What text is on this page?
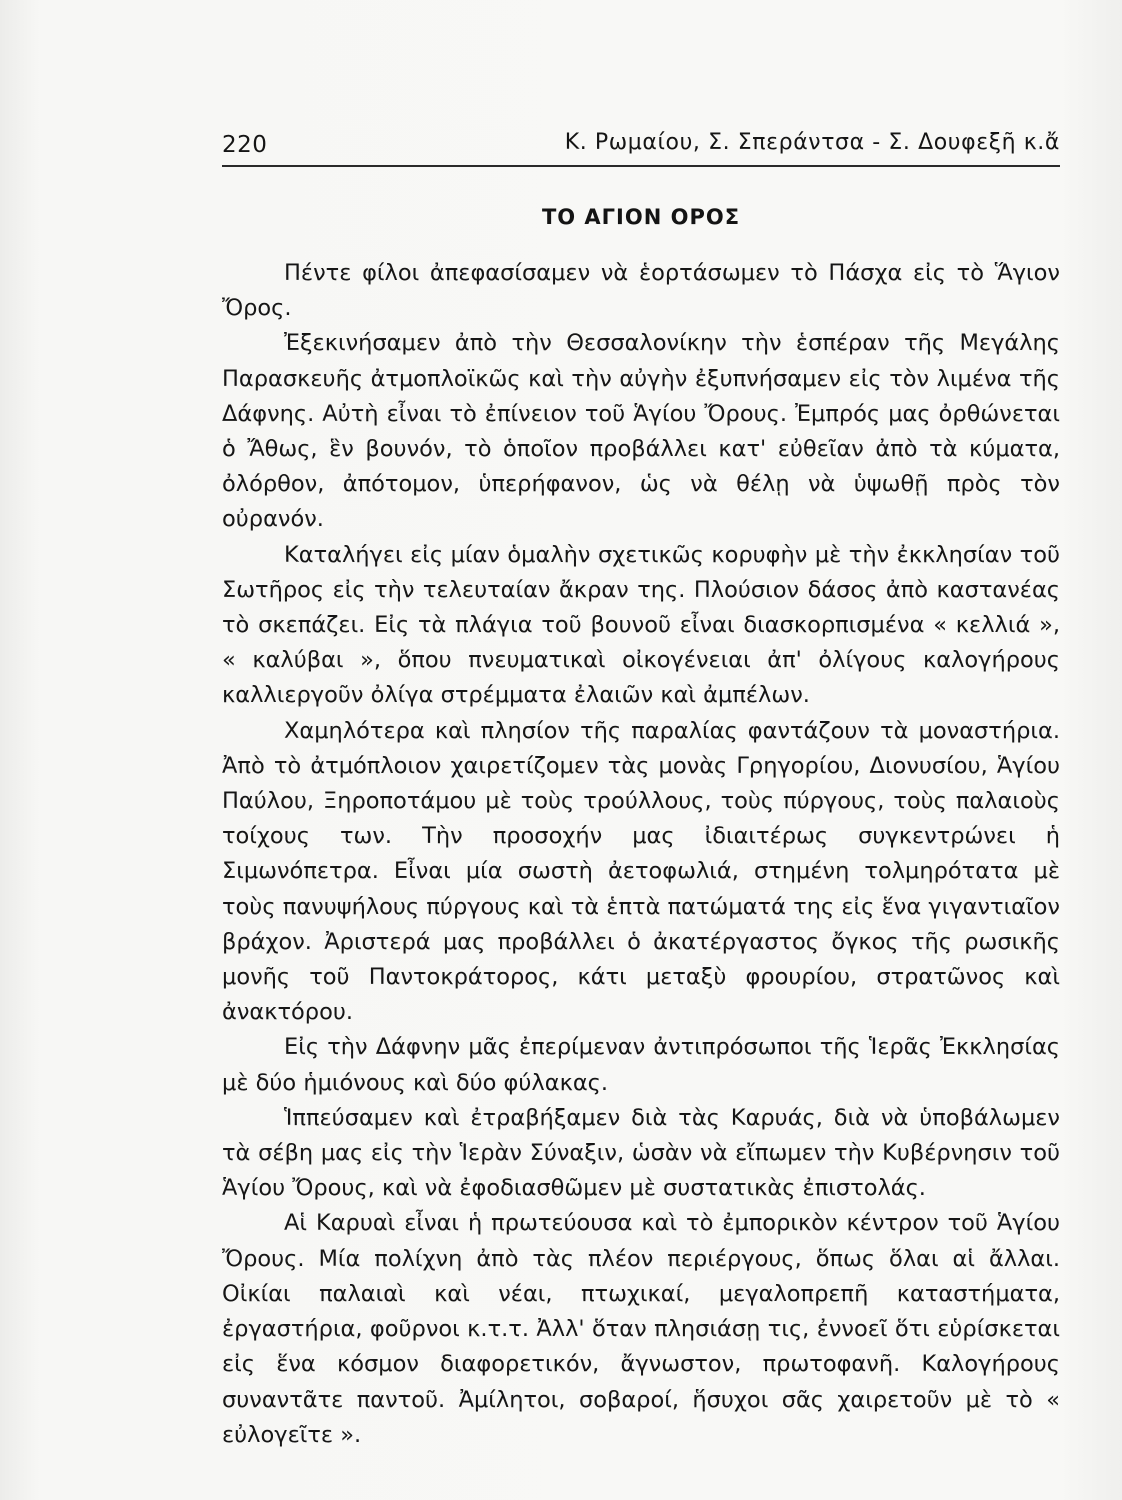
220	Κ. Ρωμαίου, Σ. Σπεράντσα - Σ. Δουφεξῆ κ.ἄ
ΤΟ ΑΓΙΟΝ ΟΡΟΣ

Πέντε φίλοι ἀπεφασίσαμεν νὰ ἑορτάσωμεν τὸ Πάσχα εἰς τὸ Ἅγιον Ὄρος.

Ἐξεκινήσαμεν ἀπὸ τὴν Θεσσαλονίκην τὴν ἑσπέραν τῆς Μεγάλης Παρασκευῆς ἀτμοπλοϊκῶς καὶ τὴν αὐγὴν ἐξυπνήσαμεν εἰς τὸν λιμένα τῆς Δάφνης. Αὐτὴ εἶναι τὸ ἐπίνειον τοῦ Ἁγίου Ὄρους. Ἐμπρός μας ὀρθώνεται ὁ Ἄθως, ἓν βουνόν, τὸ ὁποῖον προβάλλει κατ' εὐθεῖαν ἀπὸ τὰ κύματα, ὀλόρθον, ἀπότομον, ὑπερήφανον, ὡς νὰ θέλῃ νὰ ὑψωθῇ πρὸς τὸν οὐρανόν.

Καταλήγει εἰς μίαν ὁμαλὴν σχετικῶς κορυφὴν μὲ τὴν ἐκκλησίαν τοῦ Σωτῆρος εἰς τὴν τελευταίαν ἄκραν της. Πλούσιον δάσος ἀπὸ καστανέας τὸ σκεπάζει. Εἰς τὰ πλάγια τοῦ βουνοῦ εἶναι διασκορπισμένα « κελλιά », « καλύβαι », ὅπου πνευματικαὶ οἰκογένειαι ἀπ' ὀλίγους καλογήρους καλλιεργοῦν ὀλίγα στρέμματα ἐλαιῶν καὶ ἀμπέλων.

Χαμηλότερα καὶ πλησίον τῆς παραλίας φαντάζουν τὰ μοναστήρια. Ἀπὸ τὸ ἀτμόπλοιον χαιρετίζομεν τὰς μονὰς Γρηγορίου, Διονυσίου, Ἁγίου Παύλου, Ξηροποτάμου μὲ τοὺς τρούλλους, τοὺς πύργους, τοὺς παλαιοὺς τοίχους των. Τὴν προσοχήν μας ἰδιαιτέρως συγκεντρώνει ἡ Σιμωνόπετρα. Εἶναι μία σωστὴ ἀετοφωλιά, στημένη τολμηρότατα μὲ τοὺς πανυψήλους πύργους καὶ τὰ ἑπτὰ πατώματά της εἰς ἕνα γιγαντιαῖον βράχον. Ἀριστερά μας προβάλλει ὁ ἀκατέργαστος ὄγκος τῆς ρωσικῆς μονῆς τοῦ Παντοκράτορος, κάτι μεταξὺ φρουρίου, στρατῶνος καὶ ἀνακτόρου.

Εἰς τὴν Δάφνην μᾶς ἐπερίμεναν ἀντιπρόσωποι τῆς Ἱερᾶς Ἐκκλησίας μὲ δύο ἡμιόνους καὶ δύο φύλακας.

Ἱππεύσαμεν καὶ ἐτραβήξαμεν διὰ τὰς Καρυάς, διὰ νὰ ὑποβάλωμεν τὰ σέβη μας εἰς τὴν Ἱερὰν Σύναξιν, ὡσὰν νὰ εἴπωμεν τὴν Κυβέρνησιν τοῦ Ἁγίου Ὄρους, καὶ νὰ ἐφοδιασθῶμεν μὲ συστατικὰς ἐπιστολάς.

Αἱ Καρυαὶ εἶναι ἡ πρωτεύουσα καὶ τὸ ἐμπορικὸν κέντρον τοῦ Ἁγίου Ὄρους. Μία πολίχνη ἀπὸ τὰς πλέον περιέργους, ὅπως ὅλαι αἱ ἄλλαι. Οἰκίαι παλαιαὶ καὶ νέαι, πτωχικαί, μεγαλοπρεπῆ καταστήματα, ἐργαστήρια, φοῦρνοι κ.τ.τ. Ἀλλ' ὅταν πλησιάσῃ τις, ἐννοεῖ ὅτι εὑρίσκεται εἰς ἕνα κόσμον διαφορετικόν, ἄγνωστον, πρωτοφανῆ. Καλογήρους συναντᾶτε παντοῦ. Ἀμίλητοι, σοβαροί, ἥσυχοι σᾶς χαιρετοῦν μὲ τὸ « εὐλογεῖτε ».
